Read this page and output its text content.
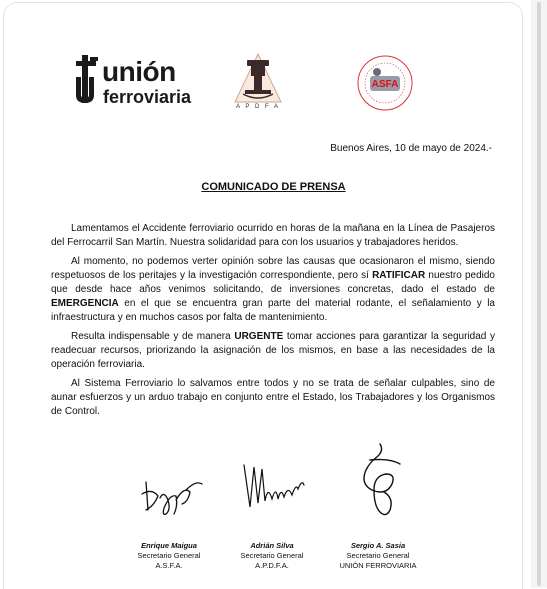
unión
ferroviaria	A P D F A
ASFA
Buenos Aires, 10 de mayo de 2024.-
COMUNICADO DE PRENSA

Lamentamos el Accidente ferroviario ocurrido en horas de la mañana en la Línea de Pasajeros del Ferrocarril San Martín. Nuestra solidaridad para con los usuarios y trabajadores heridos.

Al momento, no podemos verter opinión sobre las causas que ocasionaron el mismo, siendo respetuosos de los peritajes y la investigación correspondiente, pero sí RATIFICAR nuestro pedido que desde hace años venimos solicitando, de inversiones concretas, dado el estado de EMERGENCIA en el que se encuentra gran parte del material rodante, el señalamiento y la infraestructura y en muchos casos por falta de mantenimiento.

Resulta indispensable y de manera URGENTE tomar acciones para garantizar la seguridad y readecuar recursos, priorizando la asignación de los mismos, en base a las necesidades de la operación ferroviaria.

Al Sistema Ferroviario lo salvamos entre todos y no se trata de señalar culpables, sino de aunar esfuerzos y un arduo trabajo en conjunto entre el Estado, los Trabajadores y los Organismos de Control.

Enrique Maigua
Secretario General
A.S.F.A.
Adrián Silva
Secretario General
A.P.D.F.A.
Sergio A. Sasia
Secretario General
UNIÓN FERROVIARIA
